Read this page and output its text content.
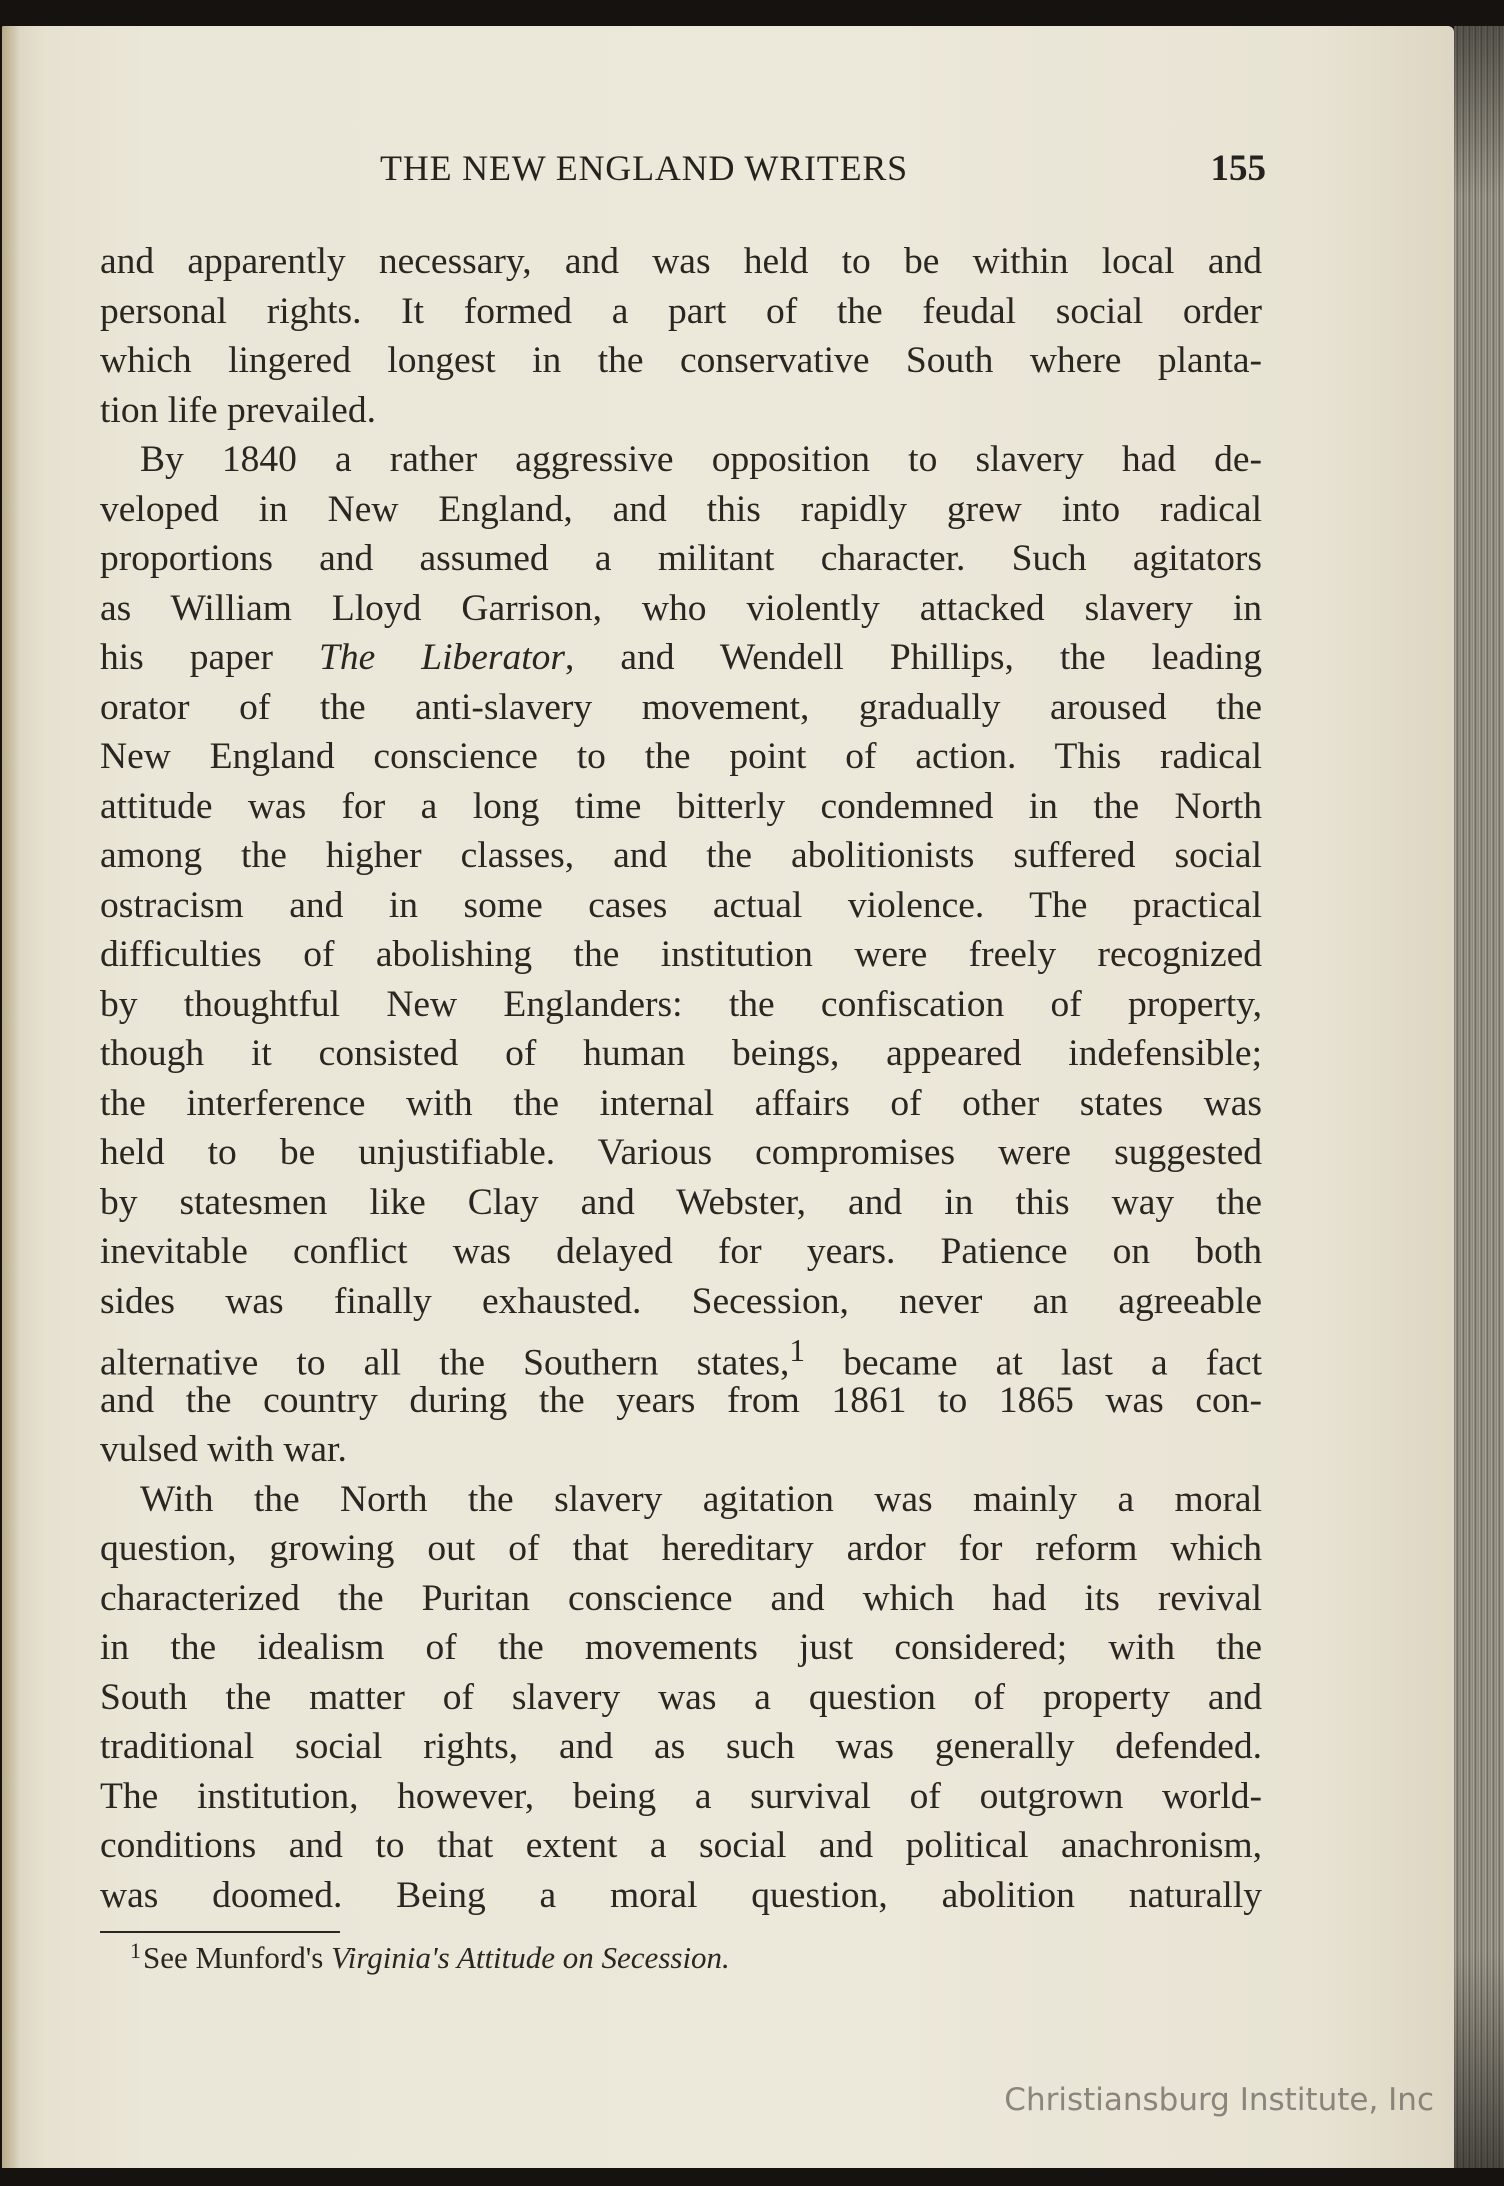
THE NEW ENGLAND WRITERS	155
and apparently necessary, and was held to be within local and
personal rights. It formed a part of the feudal social order
which lingered longest in the conservative South where planta-
tion life prevailed.
By 1840 a rather aggressive opposition to slavery had de-
veloped in New England, and this rapidly grew into radical
proportions and assumed a militant character. Such agitators
as William Lloyd Garrison, who violently attacked slavery in
his paper The Liberator, and Wendell Phillips, the leading
orator of the anti-slavery movement, gradually aroused the
New England conscience to the point of action. This radical
attitude was for a long time bitterly condemned in the North
among the higher classes, and the abolitionists suffered social
ostracism and in some cases actual violence. The practical
difficulties of abolishing the institution were freely recognized
by thoughtful New Englanders: the confiscation of property,
though it consisted of human beings, appeared indefensible;
the interference with the internal affairs of other states was
held to be unjustifiable. Various compromises were suggested
by statesmen like Clay and Webster, and in this way the
inevitable conflict was delayed for years. Patience on both
sides was finally exhausted. Secession, never an agreeable
alternative to all the Southern states,$^1$ became at last a fact
and the country during the years from 1861 to 1865 was con-
vulsed with war.
With the North the slavery agitation was mainly a moral
question, growing out of that hereditary ardor for reform which
characterized the Puritan conscience and which had its revival
in the idealism of the movements just considered; with the
South the matter of slavery was a question of property and
traditional social rights, and as such was generally defended.
The institution, however, being a survival of outgrown world-
conditions and to that extent a social and political anachronism,
was doomed. Being a moral question, abolition naturally
$^1$See Munford's Virginia's Attitude on Secession.
Christiansburg Institute, Inc
